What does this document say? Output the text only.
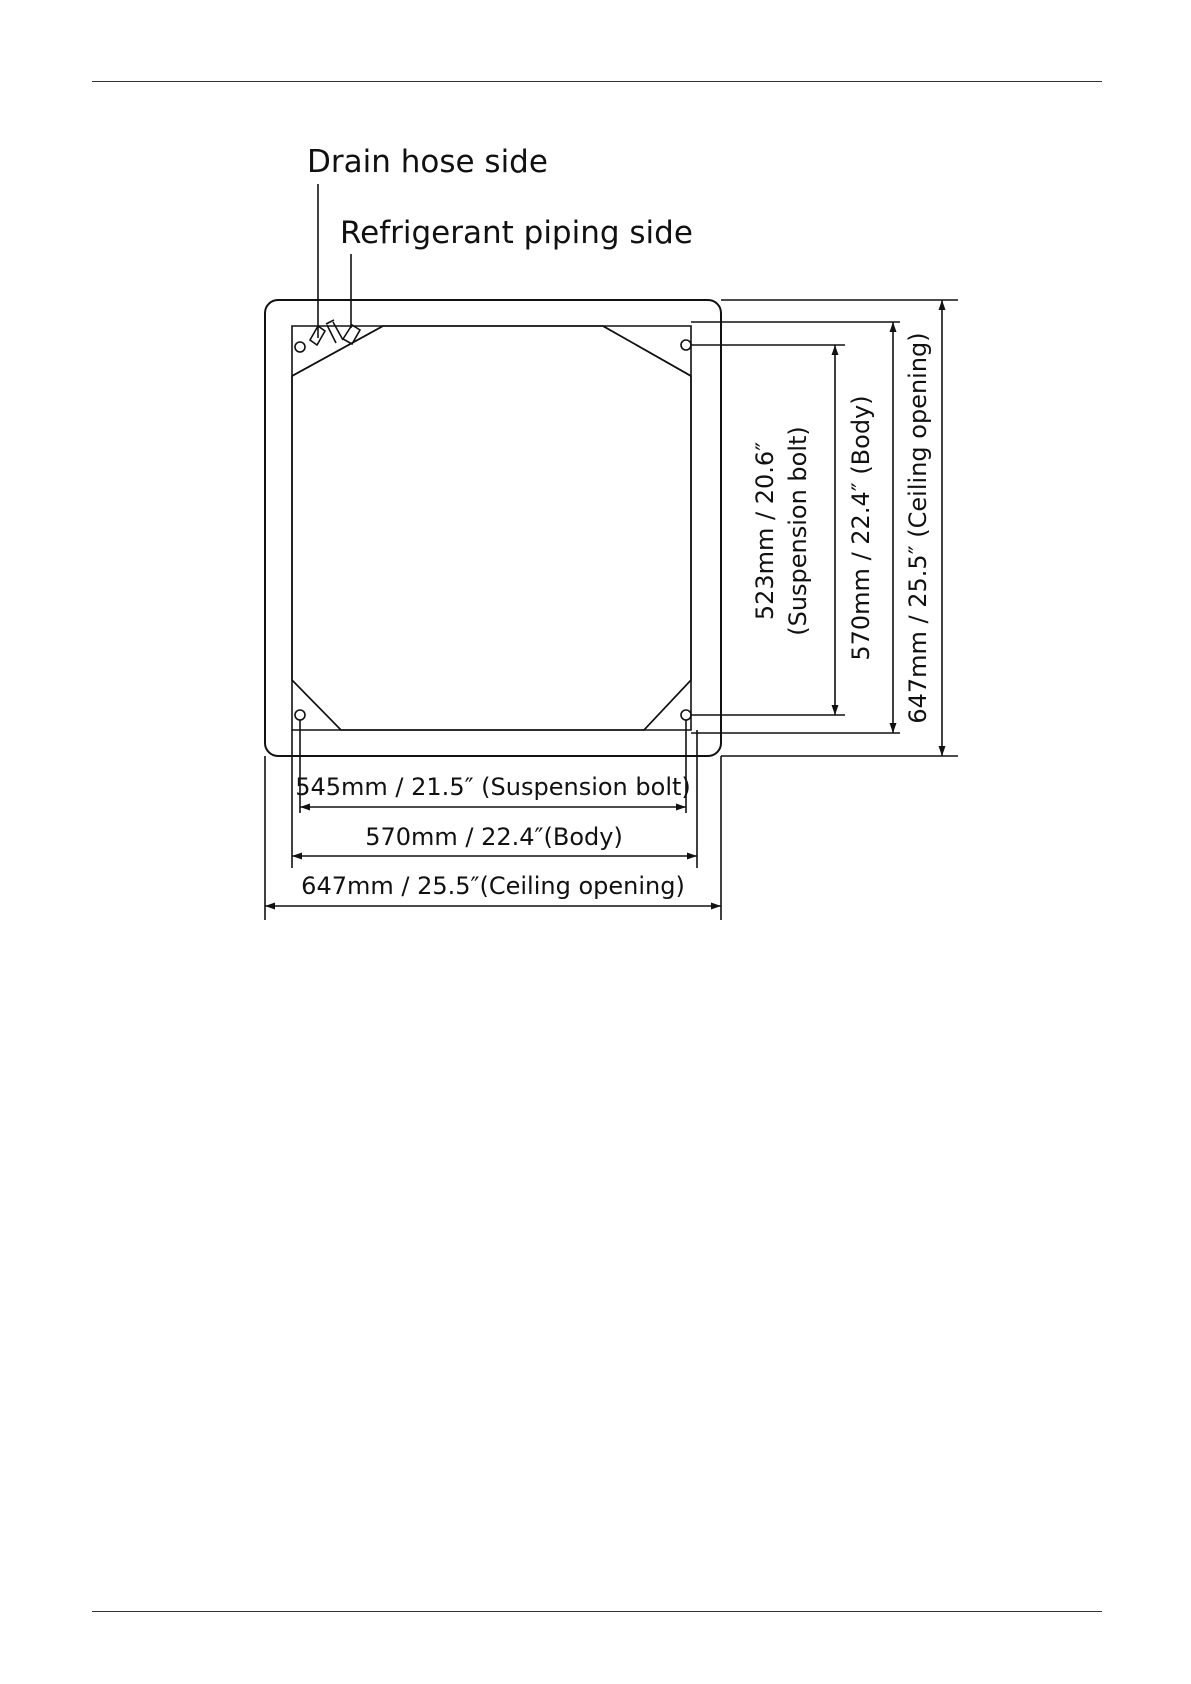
Drain hose side
Refrigerant piping side
545mm / 21.5″ (Suspension bolt)
570mm / 22.4″(Body)
647mm / 25.5″(Ceiling opening)
523mm / 20.6″ (Suspension bolt) 570mm / 22.4″ (Body) 647mm / 25.5″ (Ceiling opening)
